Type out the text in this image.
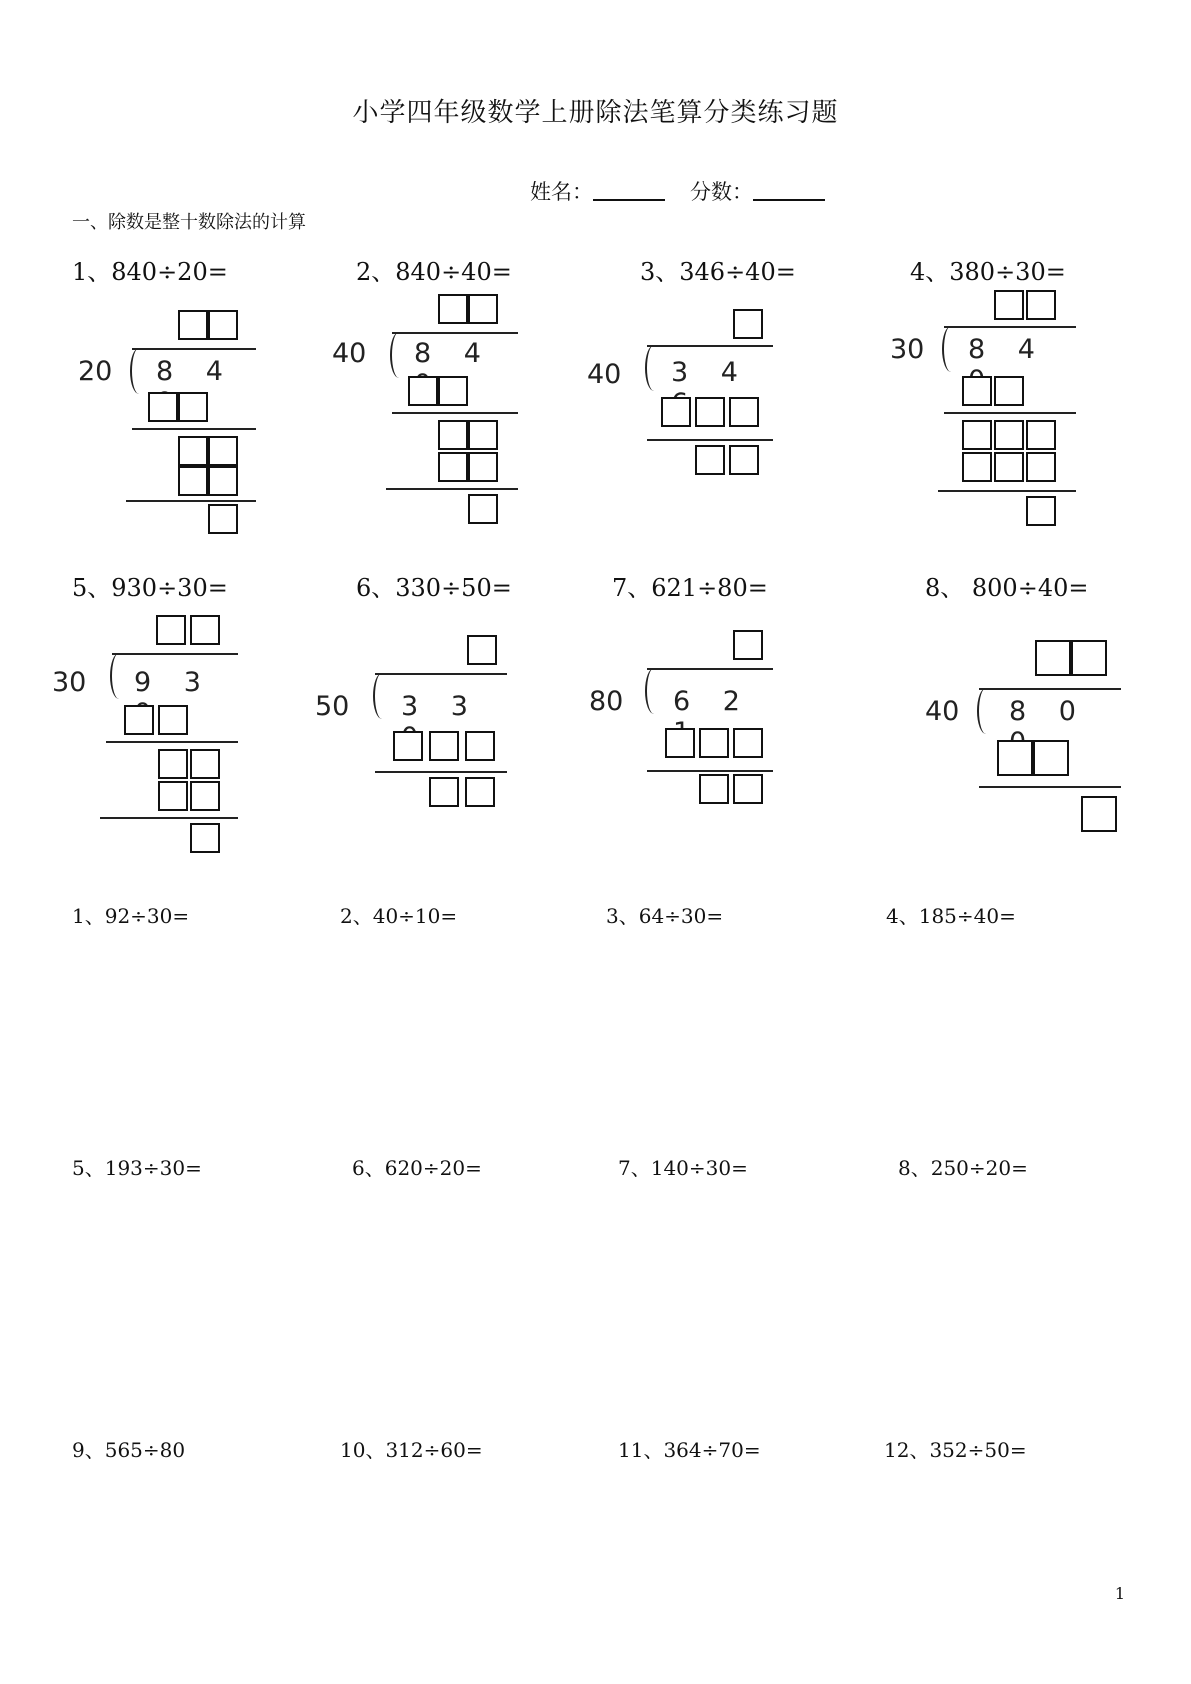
小学四年级数学上册除法笔算分类练习题
姓名：	分数：
一、除数是整十数除法的计算
1、840÷20=	2、840÷40=	3、346÷40=	4、380÷30=
5、930÷30=	6、330÷50=	7、621÷80=	8、 800÷40=
20 8 4
40 8 4
40 3 4
30 8 4
30 9 3
50 3 3	80 6 2	40 8 0
1、92÷30=	2、40÷10=	3、64÷30=	4、185÷40=
5、193÷30=	6、620÷20=	7、140÷30=	8、250÷20=
9、565÷80	10、312÷60=	11、364÷70=	12、352÷50=
1
